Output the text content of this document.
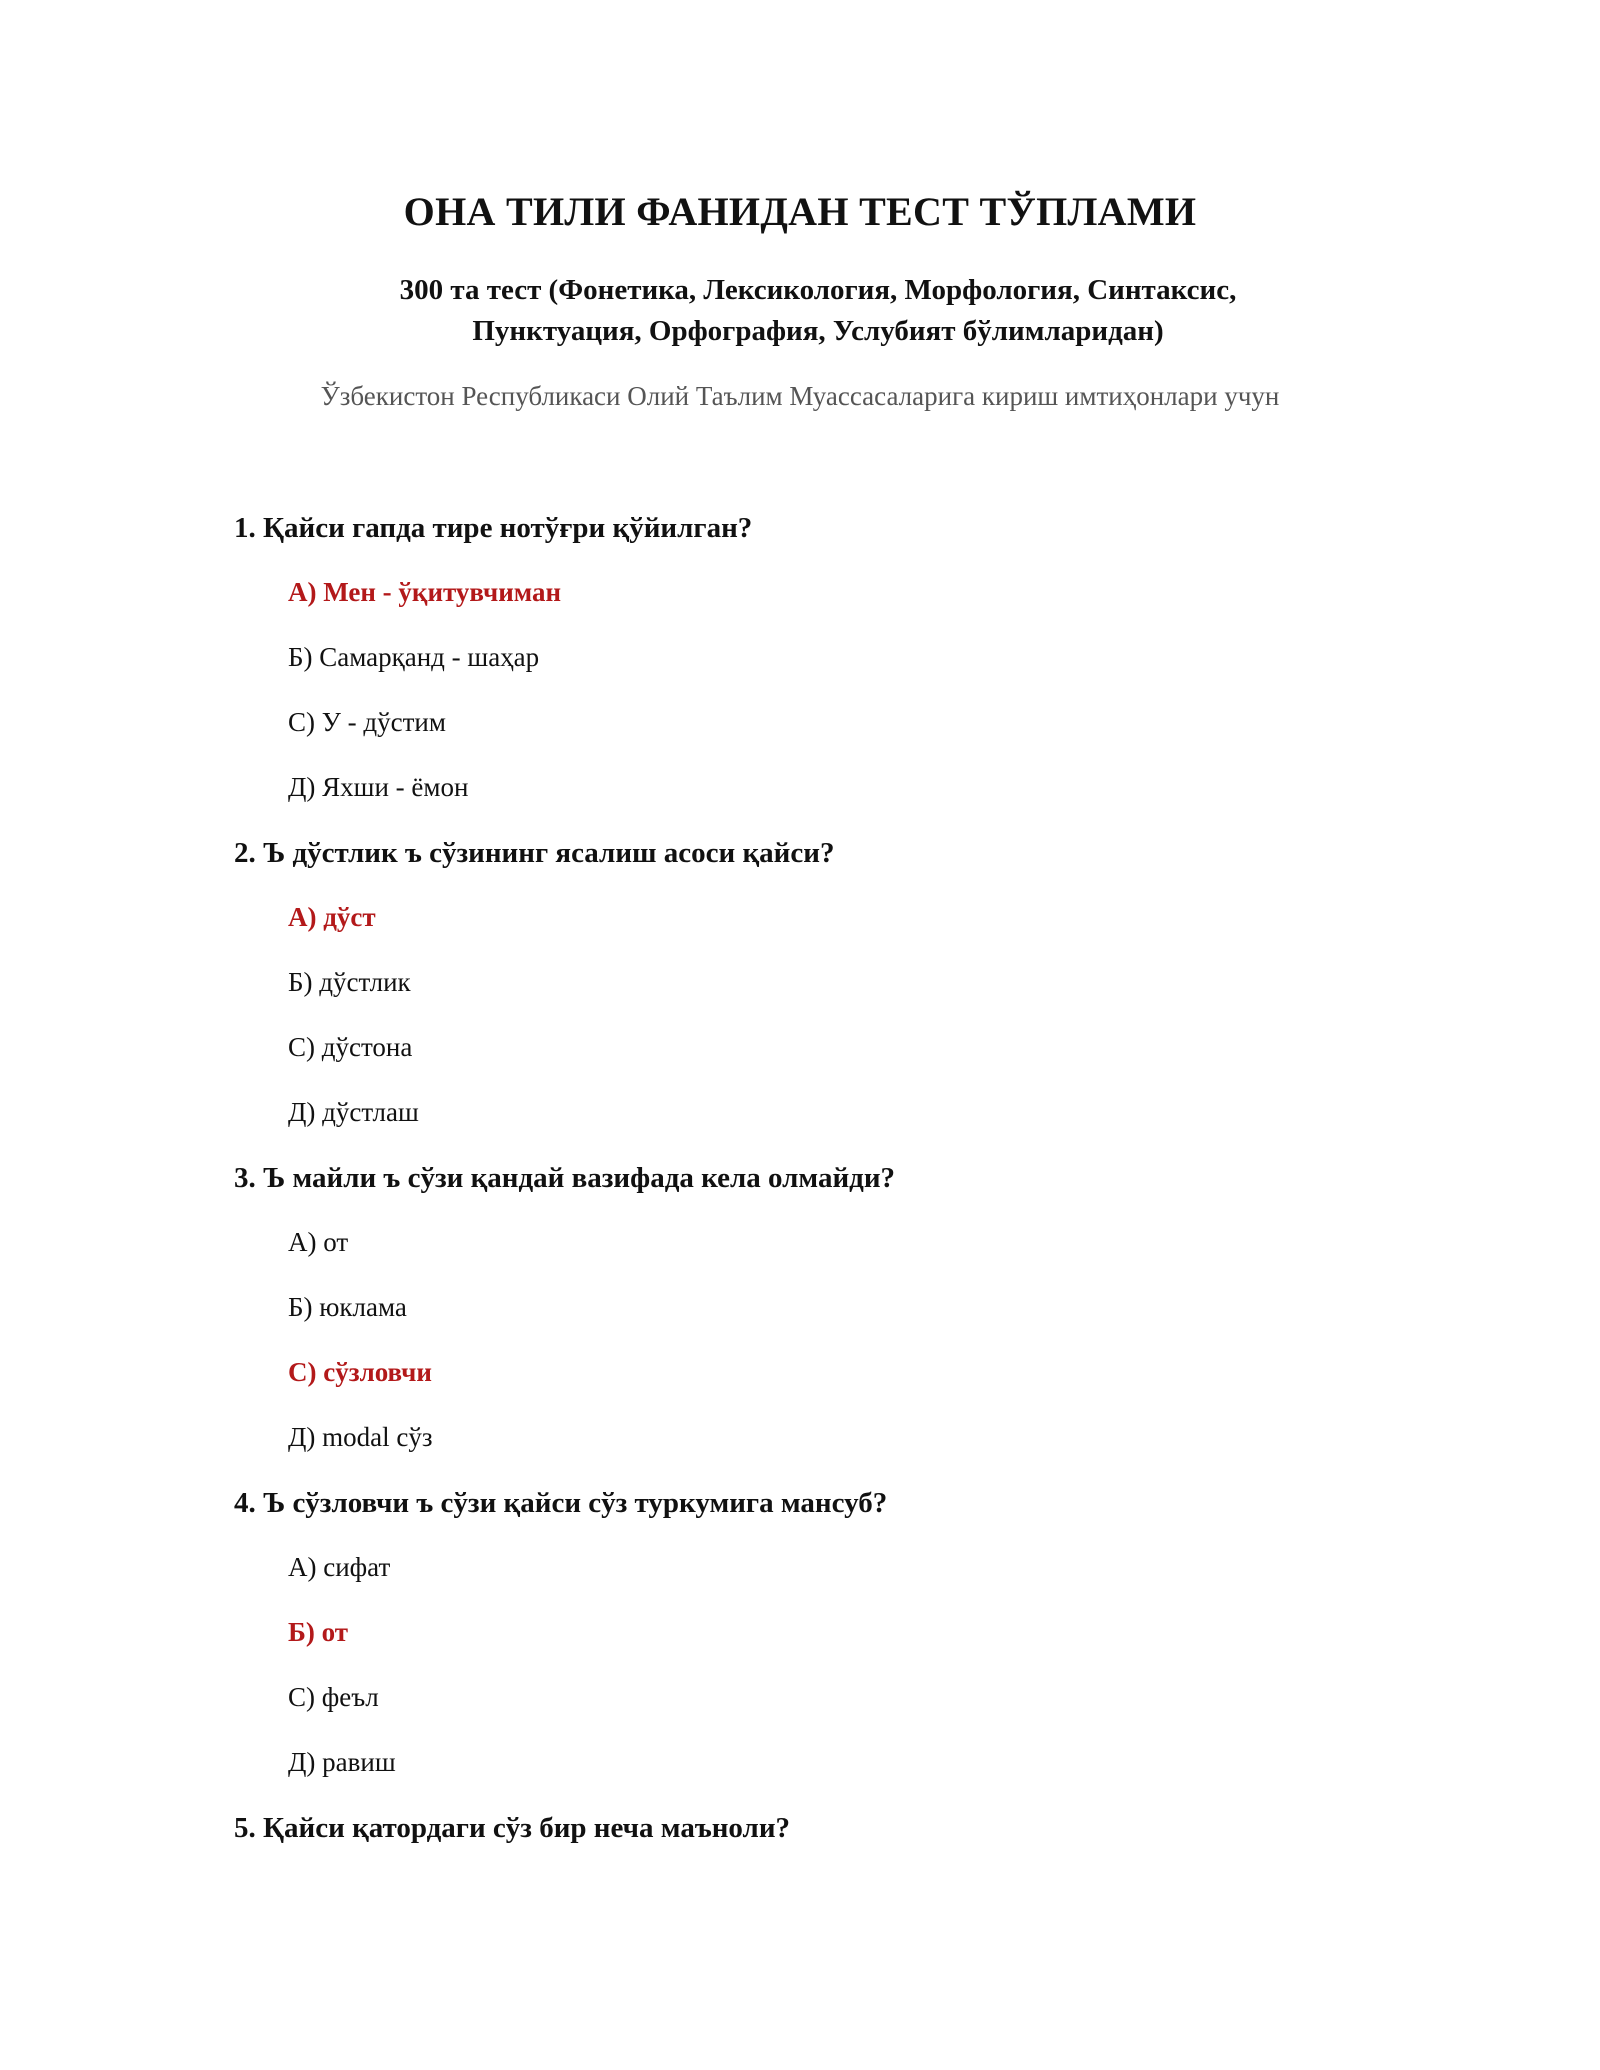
ОНА ТИЛИ ФАНИДАН ТЕСТ ТЎПЛАМИ

300 та тест (Фонетика, Лексикология, Морфология, Синтаксис,

Пунктуация, Орфография, Услубият бўлимларидан)

Ўзбекистон Республикаси Олий Таълим Муассасаларига кириш имтиҳонлари учун

1. Қайси гапда тире нотўғри қўйилган?

А) Мен - ўқитувчиман
Б) Самарқанд - шаҳар
С) У - дўстим
Д) Яхши - ёмон

2. Ъ дўстлик ъ сўзининг ясалиш асоси қайси?

А) дўст
Б) дўстлик
С) дўстона
Д) дўстлаш

3. Ъ майли ъ сўзи қандай вазифада кела олмайди?

А) от
Б) юклама
С) сўзловчи
Д) modal сўз

4. Ъ сўзловчи ъ сўзи қайси сўз туркумига мансуб?

А) сифат
Б) от
С) феъл
Д) равиш

5. Қайси қатордаги сўз бир неча маъноли?
